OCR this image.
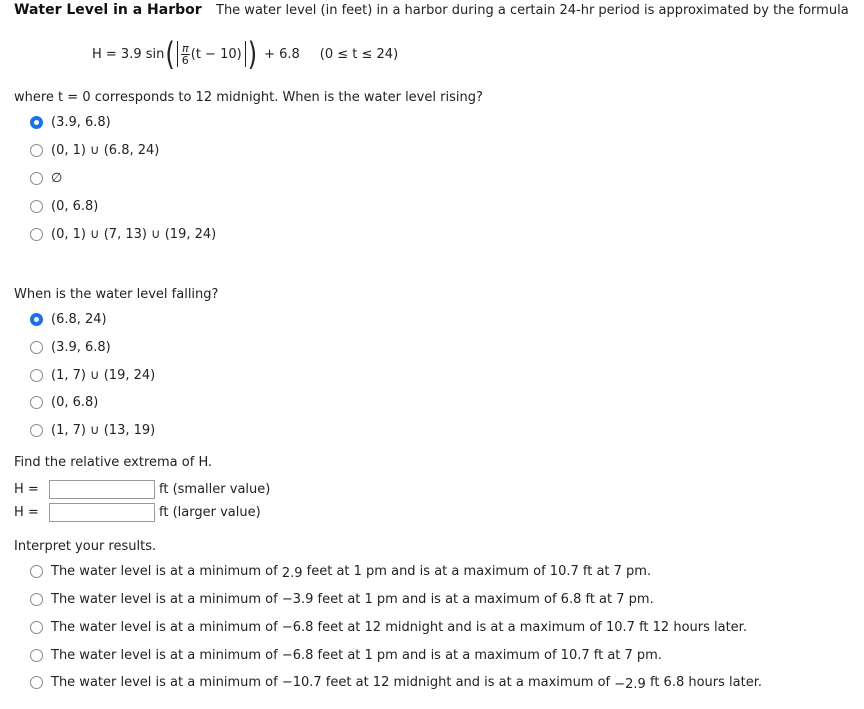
Water Level in a Harbor The water level (in feet) in a harbor during a certain 24-hr period is approximated by the formula
H = 3.9 sin ( $\frac{\pi}{6} (t - 10)$ ) + 6.8 (0 ≤ t ≤ 24)
where t = 0 corresponds to 12 midnight. When is the water level rising?
(3.9, 6.8)
(0, 1) ∪ (6.8, 24)
∅
(0, 6.8)
(0, 1) ∪ (7, 13) ∪ (19, 24)
When is the water level falling?
(6.8, 24)
(3.9, 6.8)
(1, 7) ∪ (19, 24)
(0, 6.8)
(1, 7) ∪ (13, 19)
Find the relative extrema of H.
H =	ft (smaller value)
H =	ft (larger value)
Interpret your results.
The water level is at a minimum of 2.9 feet at 1 pm and is at a maximum of 10.7 ft at 7 pm.
The water level is at a minimum of −3.9 feet at 1 pm and is at a maximum of 6.8 ft at 7 pm.
The water level is at a minimum of −6.8 feet at 12 midnight and is at a maximum of 10.7 ft 12 hours later.
The water level is at a minimum of −6.8 feet at 1 pm and is at a maximum of 10.7 ft at 7 pm.
The water level is at a minimum of −10.7 feet at 12 midnight and is at a maximum of −2.9 ft 6.8 hours later.
